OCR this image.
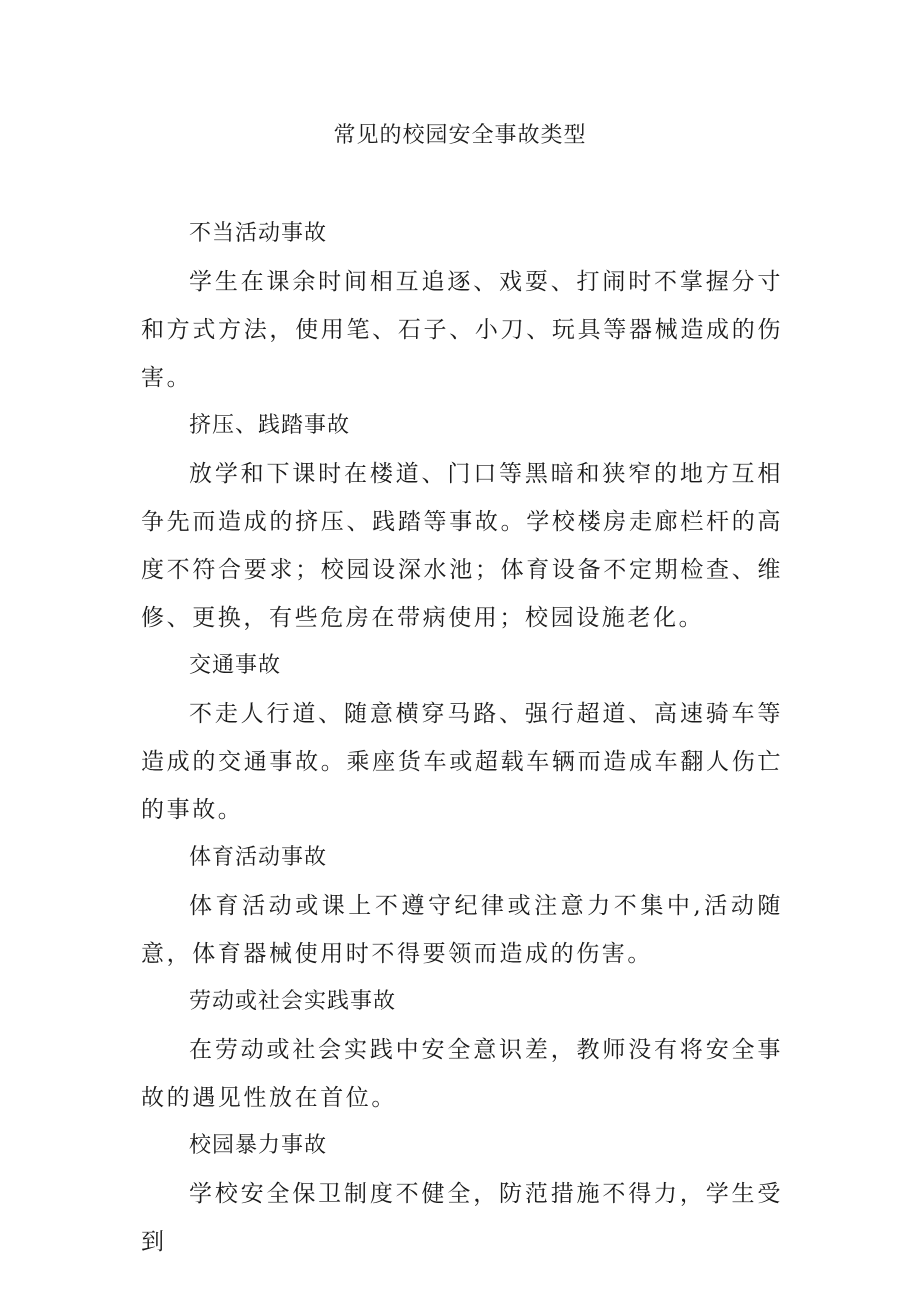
常见的校园安全事故类型

不当活动事故

学生在课余时间相互追逐、戏耍、打闹时不掌握分寸和方式方法，使用笔、石子、小刀、玩具等器械造成的伤害。

挤压、践踏事故

放学和下课时在楼道、门口等黑暗和狭窄的地方互相争先而造成的挤压、践踏等事故。学校楼房走廊栏杆的高度不符合要求；校园设深水池；体育设备不定期检查、维修、更换，有些危房在带病使用；校园设施老化。

交通事故

不走人行道、随意横穿马路、强行超道、高速骑车等造成的交通事故。乘座货车或超载车辆而造成车翻人伤亡的事故。

体育活动事故

体育活动或课上不遵守纪律或注意力不集中,活动随意，体育器械使用时不得要领而造成的伤害。

劳动或社会实践事故

在劳动或社会实践中安全意识差，教师没有将安全事故的遇见性放在首位。

校园暴力事故

学校安全保卫制度不健全，防范措施不得力，学生受到
